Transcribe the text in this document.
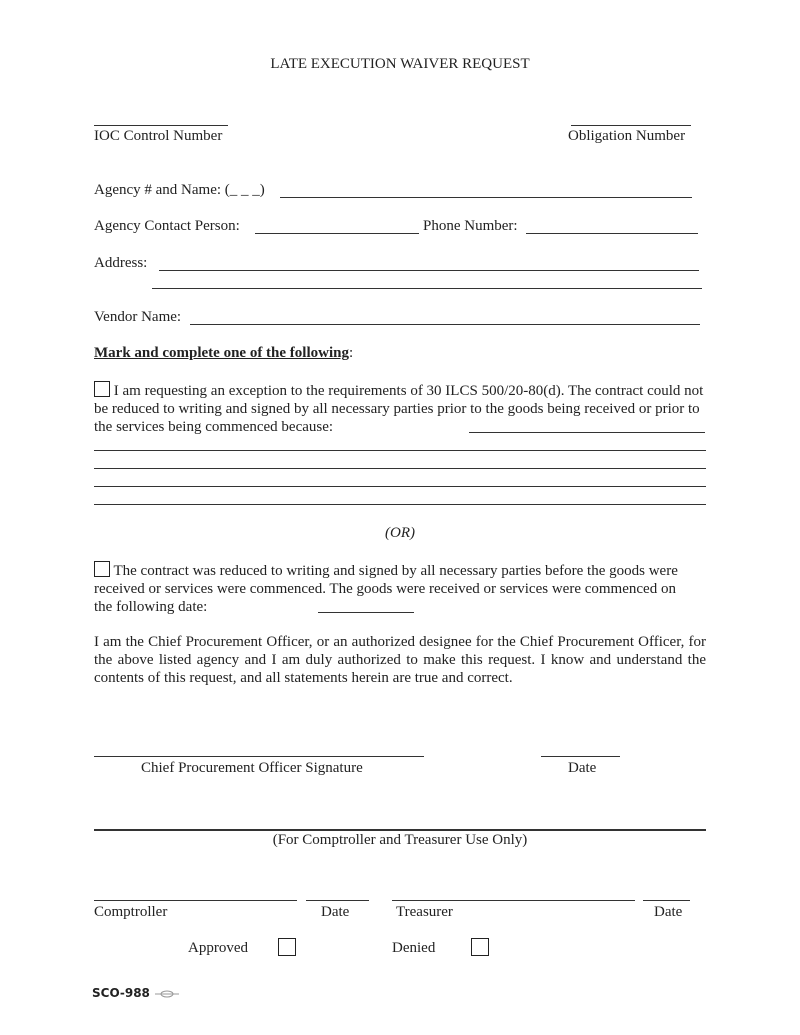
LATE EXECUTION WAIVER REQUEST
IOC Control Number	Obligation Number
Agency # and Name: (_ _ _)
Agency Contact Person:	Phone Number:
Address:
Vendor Name:
Mark and complete one of the following:
I am requesting an exception to the requirements of 30 ILCS 500/20-80(d). The contract could not be reduced to writing and signed by all necessary parties prior to the goods being received or prior to the services being commenced because:
(OR)
The contract was reduced to writing and signed by all necessary parties before the goods were received or services were commenced. The goods were received or services were commenced on the following date:
I am the Chief Procurement Officer, or an authorized designee for the Chief Procurement Officer, for the above listed agency and I am duly authorized to make this request. I know and understand the contents of this request, and all statements herein are true and correct.
Chief Procurement Officer Signature	Date
(For Comptroller and Treasurer Use Only)
Comptroller	Date	Treasurer	Date
Approved	Denied
SCO-988
